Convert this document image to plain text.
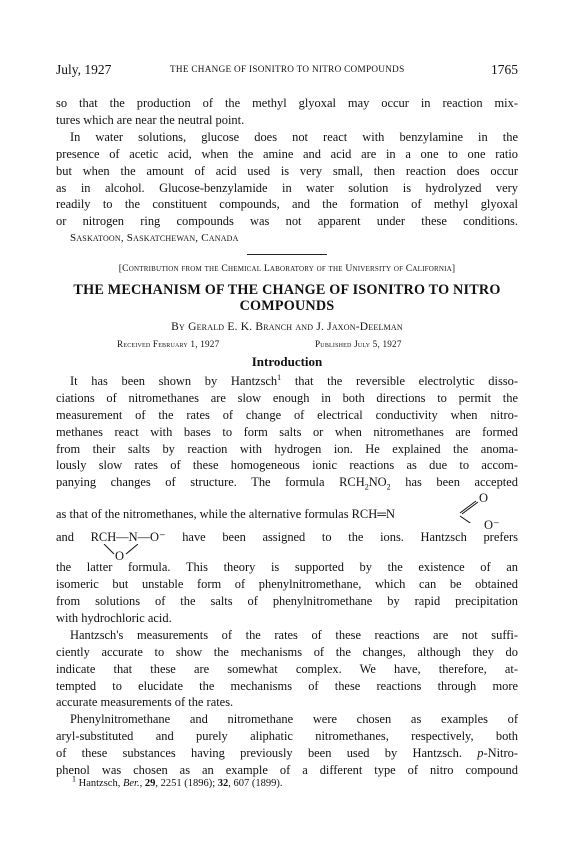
July, 1927	THE CHANGE OF ISONITRO TO NITRO COMPOUNDS	1765

so that the production of the methyl glyoxal may occur in reaction mix-
tures which are near the neutral point.

In water solutions, glucose does not react with benzylamine in the
presence of acetic acid, when the amine and acid are in a one to one ratio
but when the amount of acid used is very small, then reaction does occur
as in alcohol. Glucose-benzylamide in water solution is hydrolyzed very
readily to the constituent compounds, and the formation of methyl glyoxal
or nitrogen ring compounds was not apparent under these conditions.

Saskatoon, Saskatchewan, Canada
[Contribution from the Chemical Laboratory of the University of California]
THE MECHANISM OF THE CHANGE OF ISONITRO TO NITRO
COMPOUNDS
By Gerald E. K. Branch and J. Jaxon-Deelman
Received February 1, 1927	Published July 5, 1927
Introduction

It has been shown by Hantzsch$^1$ that the reversible electrolytic disso-
ciations of nitromethanes are slow enough in both directions to permit the
measurement of the rates of change of electrical conductivity when nitro-
methanes react with bases to form salts or when nitromethanes are formed
from their salts by reaction with hydrogen ion. He explained the anoma-
lously slow rates of these homogeneous ionic reactions as due to accom-
panying changes of structure. The formula $RCH_2NO_2$ has been accepted

as that of the nitromethanes, while the alternative formulas RCH═N
O
O⁻
and RCH—N—O⁻ have been assigned to the ions. Hantzsch prefers
O

the latter formula. This theory is supported by the existence of an
isomeric but unstable form of phenylnitromethane, which can be obtained
from solutions of the salts of phenylnitromethane by rapid precipitation
with hydrochloric acid.

Hantzsch's measurements of the rates of these reactions are not suffi-
ciently accurate to show the mechanisms of the changes, although they do
indicate that these are somewhat complex. We have, therefore, at-
tempted to elucidate the mechanisms of these reactions through more
accurate measurements of the rates.

Phenylnitromethane and nitromethane were chosen as examples of
aryl-substituted and purely aliphatic nitromethanes, respectively, both
of these substances having previously been used by Hantzsch. p-Nitro-
phenol was chosen as an example of a different type of nitro compound

$^1$ Hantzsch, Ber., 29, 2251 (1896); 32, 607 (1899).
